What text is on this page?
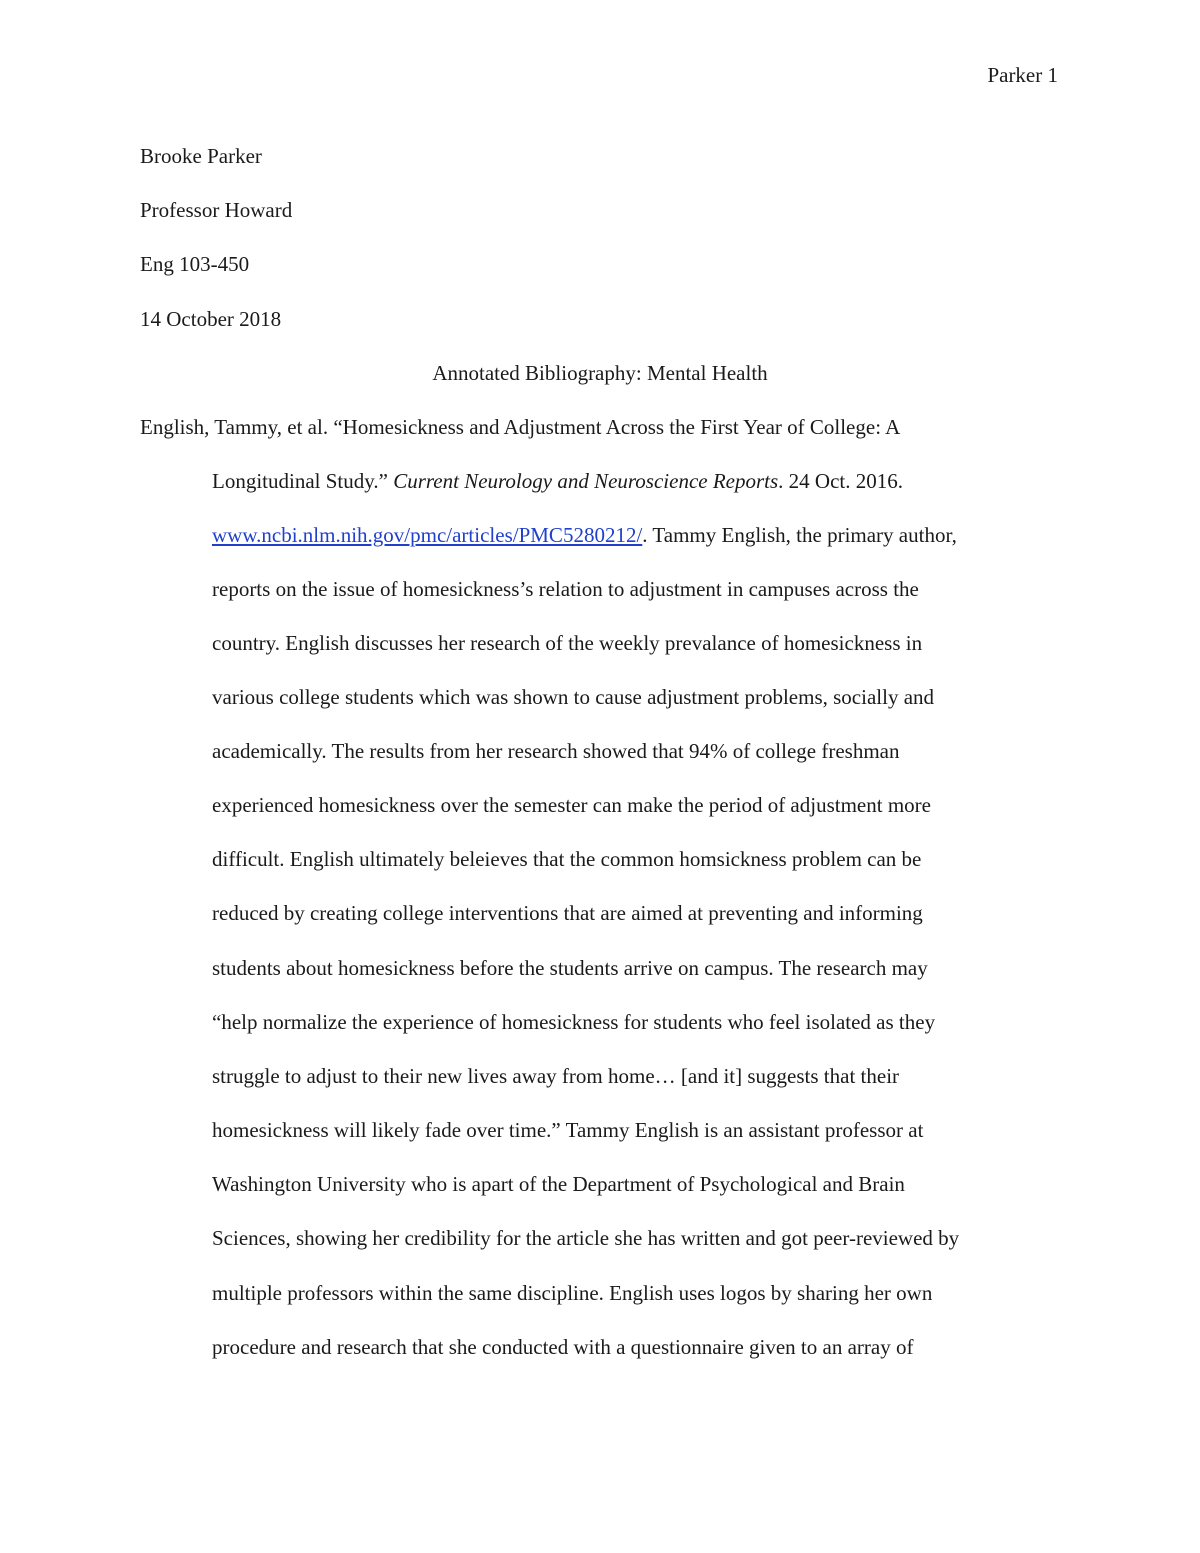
Parker 1
Brooke Parker
Professor Howard
Eng 103-450
14 October 2018
Annotated Bibliography: Mental Health
English, Tammy, et al. “Homesickness and Adjustment Across the First Year of College: A
Longitudinal Study.” Current Neurology and Neuroscience Reports. 24 Oct. 2016.
www.ncbi.nlm.nih.gov/pmc/articles/PMC5280212/. Tammy English, the primary author,
reports on the issue of homesickness’s relation to adjustment in campuses across the
country. English discusses her research of the weekly prevalance of homesickness in
various college students which was shown to cause adjustment problems, socially and
academically. The results from her research showed that 94% of college freshman
experienced homesickness over the semester can make the period of adjustment more
difficult. English ultimately beleieves that the common homsickness problem can be
reduced by creating college interventions that are aimed at preventing and informing
students about homesickness before the students arrive on campus. The research may
“help normalize the experience of homesickness for students who feel isolated as they
struggle to adjust to their new lives away from home… [and it] suggests that their
homesickness will likely fade over time.” Tammy English is an assistant professor at
Washington University who is apart of the Department of Psychological and Brain
Sciences, showing her credibility for the article she has written and got peer-reviewed by
multiple professors within the same discipline. English uses logos by sharing her own
procedure and research that she conducted with a questionnaire given to an array of
